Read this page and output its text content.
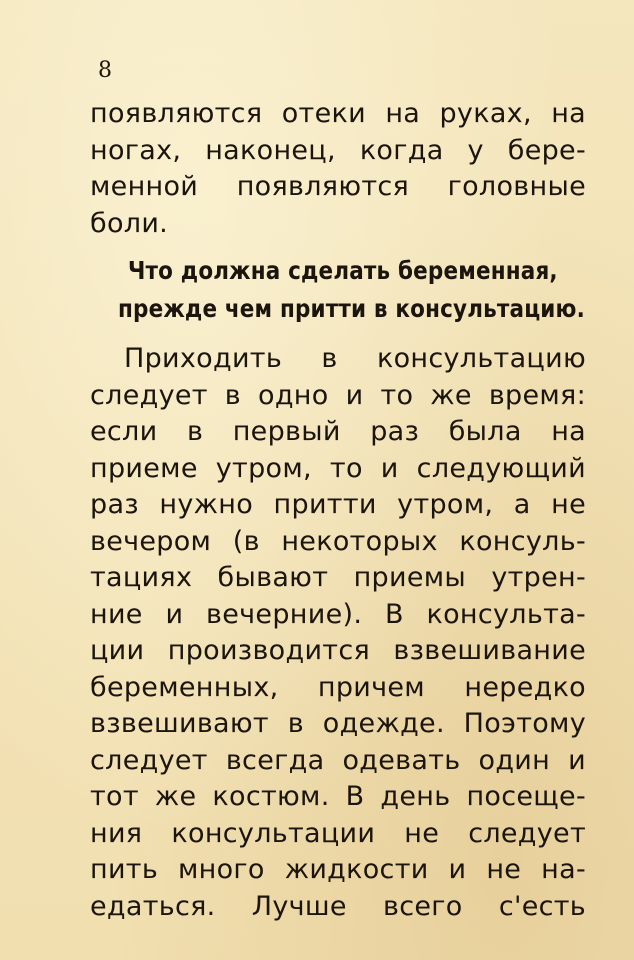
8
появляются отеки на руках, на
ногах, наконец, когда у бере-
менной появляются головные
боли.
Что должна сделать беременная,
прежде чем притти в консультацию.
Приходить в консультацию
следует в одно и то же время:
если в первый раз была на
приеме утром, то и следующий
раз нужно притти утром, а не
вечером (в некоторых консуль-
тациях бывают приемы утрен-
ние и вечерние). В консульта-
ции производится взвешивание
беременных, причем нередко
взвешивают в одежде. Поэтому
следует всегда одевать один и
тот же костюм. В день посеще-
ния консультации не следует
пить много жидкости и не на-
едаться. Лучше всего с'есть
